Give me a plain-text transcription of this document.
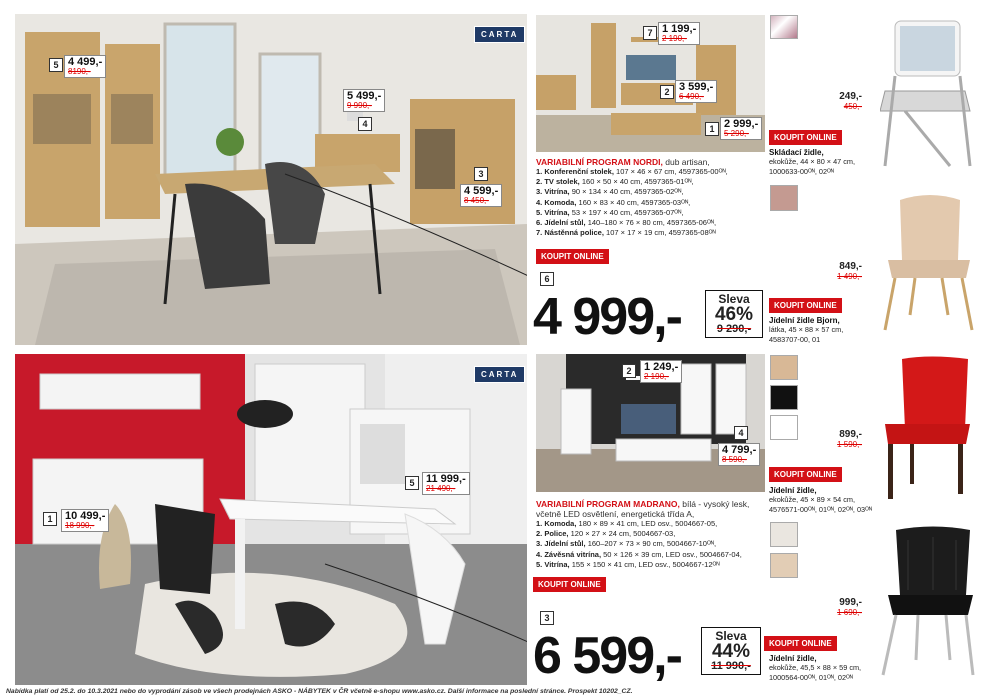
CARTA
5 4 499,-
8190,-
5 499,-
9 990,-
4
3
4 599,-
8 450,-
7 1 199,-
2 190,-
2 3 599,-
6 490,-
1 2 999,-
5 290,-
VARIABILNÍ PROGRAM NORDI, dub artisan,
1. Konferenční stolek, 107 × 46 × 67 cm, 4597365-00ᴼᴺ,
2. TV stolek, 160 × 50 × 40 cm, 4597365-01ᴼᴺ,
3. Vitrína, 90 × 134 × 40 cm, 4597365-02ᴼᴺ,
4. Komoda, 160 × 83 × 40 cm, 4597365-03ᴼᴺ,
5. Vitrína, 53 × 197 × 40 cm, 4597365-07ᴼᴺ,
6. Jídelní stůl, 140–180 × 76 × 80 cm, 4597365-06ᴼᴺ,
7. Nástěnná police, 107 × 17 × 19 cm, 4597365-08ᴼᴺ
KOUPIT ONLINE
6
4 999,-	Sleva
46%
9 290,-
CARTA
1	10 499,-
18 990,-
5	11 999,-
21 490,-
2	1 249,-
2 190,-
4
4 799,-
8 590,-
VARIABILNÍ PROGRAM MADRANO, bílá - vysoký lesk, včetně LED osvětlení, energetická třída A,
1. Komoda, 180 × 89 × 41 cm, LED osv., 5004667-05,
2. Police, 120 × 27 × 24 cm, 5004667-03,
3. Jídelní stůl, 160–207 × 73 × 90 cm, 5004667-10ᴼᴺ,
4. Závěsná vitrína, 50 × 126 × 39 cm, LED osv., 5004667-04,
5. Vitrína, 155 × 150 × 41 cm, LED osv., 5004667-12ᴼᴺ
KOUPIT ONLINE
3
6 599,-	Sleva
44%
11 990,-
249,-
450,-
KOUPIT ONLINE
Skládací židle,
ekokůže, 44 × 80 × 47 cm,
1000633-00ᴼᴺ, 02ᴼᴺ
849,-
1 490,-
KOUPIT ONLINE
Jídelní židle Bjorn,
látka, 45 × 88 × 57 cm,
4583707-00, 01
899,-
1 590,-
KOUPIT ONLINE
Jídelní židle,
ekokůže, 45 × 89 × 54 cm,
4576571-00ᴼᴺ, 01ᴼᴺ, 02ᴼᴺ, 03ᴼᴺ
999,-
1 690,-
KOUPIT ONLINE
Jídelní židle,
ekokůže, 45,5 × 88 × 59 cm,
1000564-00ᴼᴺ, 01ᴼᴺ, 02ᴼᴺ
Nabídka platí od 25.2. do 10.3.2021 nebo do vyprodání zásob ve všech prodejnách ASKO - NÁBYTEK v ČR včetně e-shopu www.asko.cz. Další informace na poslední stránce. Prospekt 10202_CZ.
